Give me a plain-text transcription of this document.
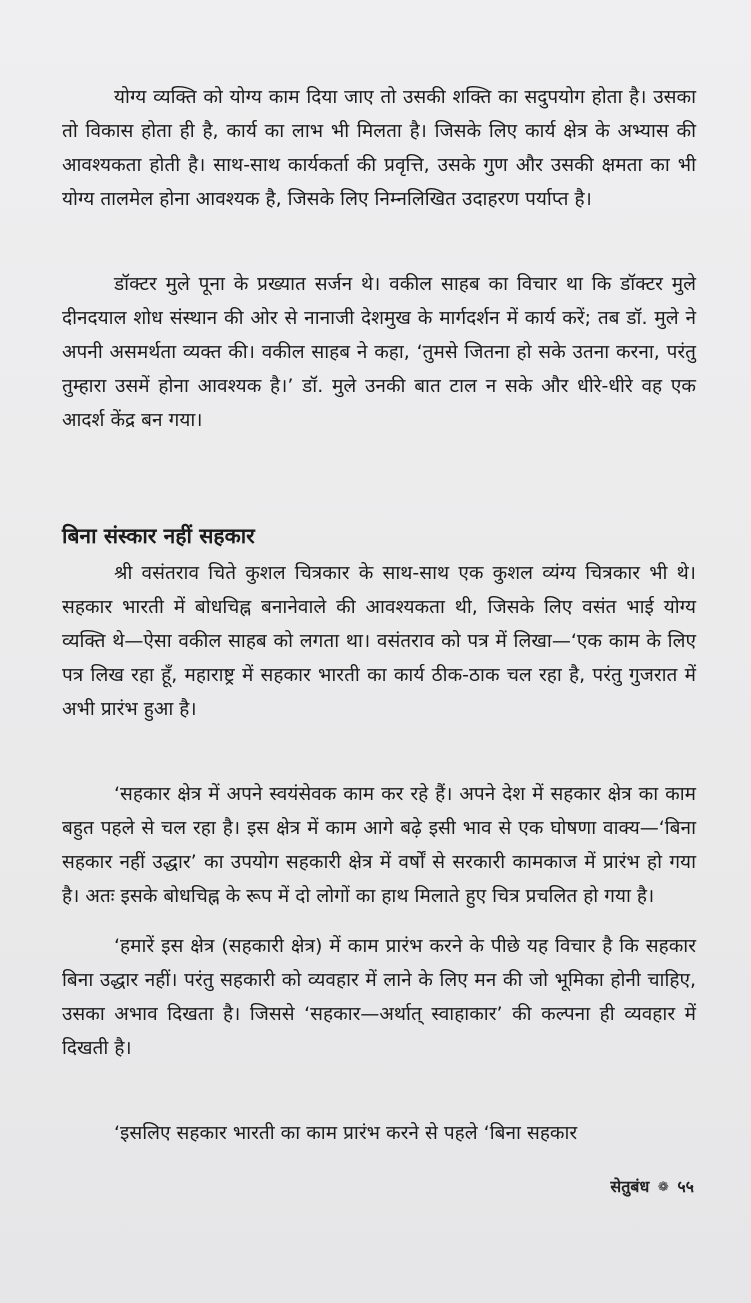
योग्य व्यक्ति को योग्य काम दिया जाए तो उसकी शक्ति का सदुपयोग होता है। उसका तो विकास होता ही है, कार्य का लाभ भी मिलता है। जिसके लिए कार्य क्षेत्र के अभ्यास की आवश्यकता होती है। साथ-साथ कार्यकर्ता की प्रवृत्ति, उसके गुण और उसकी क्षमता का भी योग्य तालमेल होना आवश्यक है, जिसके लिए निम्नलिखित उदाहरण पर्याप्त है।

डॉक्टर मुले पूना के प्रख्यात सर्जन थे। वकील साहब का विचार था कि डॉक्टर मुले दीनदयाल शोध संस्थान की ओर से नानाजी देशमुख के मार्गदर्शन में कार्य करें; तब डॉ. मुले ने अपनी असमर्थता व्यक्त की। वकील साहब ने कहा, ‘तुमसे जितना हो सके उतना करना, परंतु तुम्हारा उसमें होना आवश्यक है।’ डॉ. मुले उनकी बात टाल न सके और धीरे-धीरे वह एक आदर्श केंद्र बन गया।

बिना संस्कार नहीं सहकार

श्री वसंतराव चिते कुशल चित्रकार के साथ-साथ एक कुशल व्यंग्य चित्रकार भी थे। सहकार भारती में बोधचिह्न बनानेवाले की आवश्यकता थी, जिसके लिए वसंत भाई योग्य व्यक्ति थे—ऐसा वकील साहब को लगता था। वसंतराव को पत्र में लिखा—‘एक काम के लिए पत्र लिख रहा हूँ, महाराष्ट्र में सहकार भारती का कार्य ठीक-ठाक चल रहा है, परंतु गुजरात में अभी प्रारंभ हुआ है।

‘सहकार क्षेत्र में अपने स्वयंसेवक काम कर रहे हैं। अपने देश में सहकार क्षेत्र का काम बहुत पहले से चल रहा है। इस क्षेत्र में काम आगे बढ़े इसी भाव से एक घोषणा वाक्य—‘बिना सहकार नहीं उद्धार’ का उपयोग सहकारी क्षेत्र में वर्षों से सरकारी कामकाज में प्रारंभ हो गया है। अतः इसके बोधचिह्न के रूप में दो लोगों का हाथ मिलाते हुए चित्र प्रचलित हो गया है।

‘हमारें इस क्षेत्र (सहकारी क्षेत्र) में काम प्रारंभ करने के पीछे यह विचार है कि सहकार बिना उद्धार नहीं। परंतु सहकारी को व्यवहार में लाने के लिए मन की जो भूमिका होनी चाहिए, उसका अभाव दिखता है। जिससे ‘सहकार—अर्थात् स्वाहाकार’ की कल्पना ही व्यवहार में दिखती है।

‘इसलिए सहकार भारती का काम प्रारंभ करने से पहले ‘बिना सहकार

सेतुबंध ❁ ५५
